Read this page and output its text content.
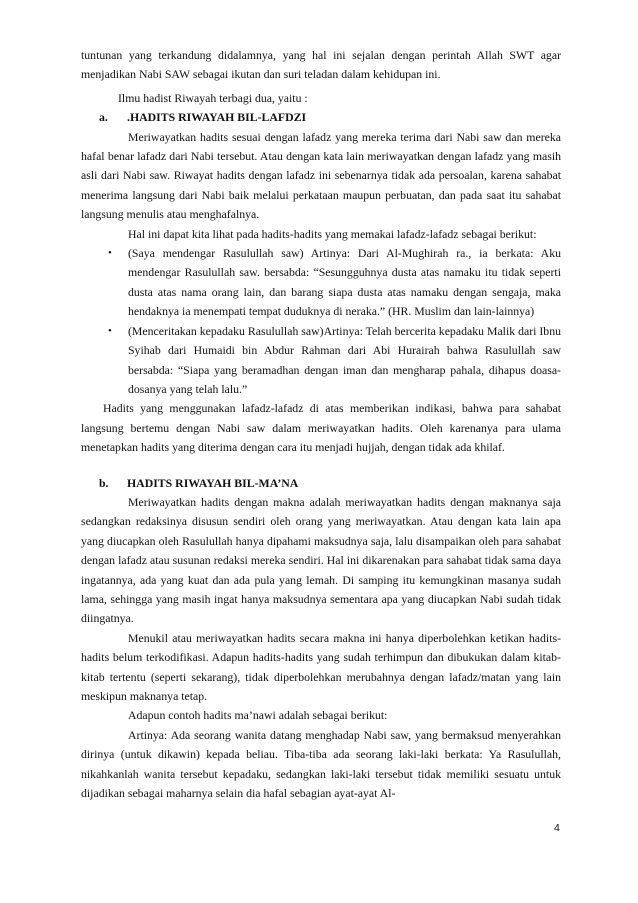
tuntunan yang terkandung didalamnya, yang hal ini sejalan dengan perintah Allah SWT agar menjadikan Nabi SAW sebagai ikutan dan suri teladan dalam kehidupan ini.

Ilmu hadist Riwayah terbagi dua, yaitu :

a.	.HADITS RIWAYAH BIL-LAFDZI

Meriwayatkan hadits sesuai dengan lafadz yang mereka terima dari Nabi saw dan mereka hafal benar lafadz dari Nabi tersebut. Atau dengan kata lain meriwayatkan dengan lafadz yang masih asli dari Nabi saw. Riwayat hadits dengan lafadz ini sebenarnya tidak ada persoalan, karena sahabat menerima langsung dari Nabi baik melalui perkataan maupun perbuatan, dan pada saat itu sahabat langsung menulis atau menghafalnya.

Hal ini dapat kita lihat pada hadits-hadits yang memakai lafadz-lafadz sebagai berikut:

• (Saya mendengar Rasulullah saw) Artinya: Dari Al-Mughirah ra., ia berkata: Aku mendengar Rasulullah saw. bersabda: “Sesungguhnya dusta atas namaku itu tidak seperti dusta atas nama orang lain, dan barang siapa dusta atas namaku dengan sengaja, maka hendaknya ia menempati tempat duduknya di neraka.” (HR. Muslim dan lain-lainnya)
• (Menceritakan kepadaku Rasulullah saw)Artinya: Telah bercerita kepadaku Malik dari Ibnu Syihab dari Humaidi bin Abdur Rahman dari Abi Hurairah bahwa Rasulullah saw bersabda: “Siapa yang beramadhan dengan iman dan mengharap pahala, dihapus doasa-dosanya yang telah lalu.”

Hadits yang menggunakan lafadz-lafadz di atas memberikan indikasi, bahwa para sahabat langsung bertemu dengan Nabi saw dalam meriwayatkan hadits. Oleh karenanya para ulama menetapkan hadits yang diterima dengan cara itu menjadi hujjah, dengan tidak ada khilaf.

b.	HADITS RIWAYAH BIL-MA’NA

Meriwayatkan hadits dengan makna adalah meriwayatkan hadits dengan maknanya saja sedangkan redaksinya disusun sendiri oleh orang yang meriwayatkan. Atau dengan kata lain apa yang diucapkan oleh Rasulullah hanya dipahami maksudnya saja, lalu disampaikan oleh para sahabat dengan lafadz atau susunan redaksi mereka sendiri. Hal ini dikarenakan para sahabat tidak sama daya ingatannya, ada yang kuat dan ada pula yang lemah. Di samping itu kemungkinan masanya sudah lama, sehingga yang masih ingat hanya maksudnya sementara apa yang diucapkan Nabi sudah tidak diingatnya.

Menukil atau meriwayatkan hadits secara makna ini hanya diperbolehkan ketikan hadits-hadits belum terkodifikasi. Adapun hadits-hadits yang sudah terhimpun dan dibukukan dalam kitab-kitab tertentu (seperti sekarang), tidak diperbolehkan merubahnya dengan lafadz/matan yang lain meskipun maknanya tetap.

Adapun contoh hadits ma’nawi adalah sebagai berikut:

Artinya: Ada seorang wanita datang menghadap Nabi saw, yang bermaksud menyerahkan dirinya (untuk dikawin) kepada beliau. Tiba-tiba ada seorang laki-laki berkata: Ya Rasulullah, nikahkanlah wanita tersebut kepadaku, sedangkan laki-laki tersebut tidak memiliki sesuatu untuk dijadikan sebagai maharnya selain dia hafal sebagian ayat-ayat Al-

4
